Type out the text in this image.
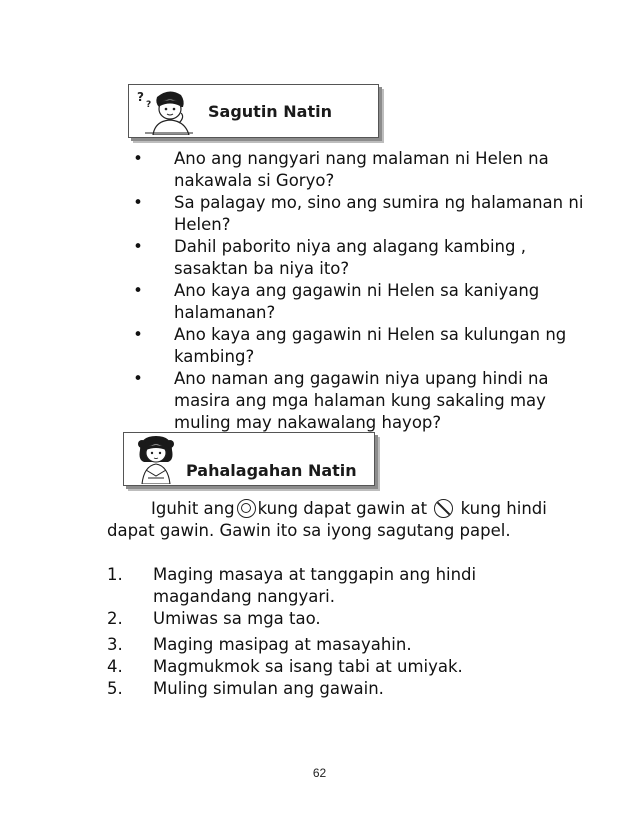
?
?	Sagutin Natin
•	Ano ang nangyari nang malaman ni Helen na nakawala si Goryo?
•	Sa palagay mo, sino ang sumira ng halamanan ni Helen?
•	Dahil paborito niya ang alagang kambing , sasaktan ba niya ito?
•	Ano kaya ang gagawin ni Helen sa kaniyang halamanan?
•	Ano kaya ang gagawin ni Helen sa kulungan ng kambing?
•	Ano naman ang gagawin niya upang hindi na masira ang mga halaman kung sakaling may muling may nakawalang hayop?
Pahalagahan Natin
Iguhit ang kung dapat gawin at kung hindi dapat gawin. Gawin ito sa iyong sagutang papel.
1. Maging masaya at tanggapin ang hindi magandang nangyari.
2. Umiwas sa mga tao.
3. Maging masipag at masayahin.
4. Magmukmok sa isang tabi at umiyak.
5. Muling simulan ang gawain.
62
